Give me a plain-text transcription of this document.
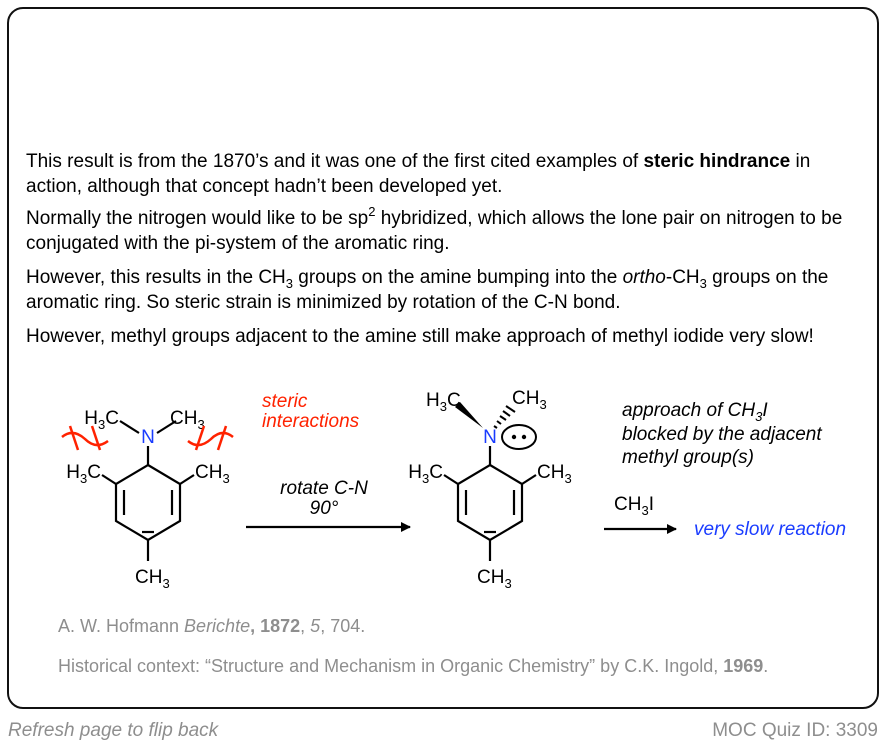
This result is from the 1870’s and it was one of the first cited examples of steric hindrance in action, although that concept hadn’t been developed yet.

Normally the nitrogen would like to be $sp^2$ hybridized, which allows the lone pair on nitrogen to be conjugated with the pi-system of the aromatic ring.

However, this results in the $CH_3$ groups on the amine bumping into the ortho-$CH_3$ groups on the aromatic ring. So steric strain is minimized by rotation of the C-N bond.

However, methyl groups adjacent to the amine still make approach of methyl iodide very slow!

N
$H_3C$	$CH_3$
$H_3C$	$CH_3$
$CH_3$
steric
interactions
rotate C-N
90°
N
$H_3C$	$CH_3$
$H_3C$	$CH_3$
$CH_3$
approach of $CH_3I$
blocked by the adjacent
methyl group(s)
$CH_3I$
very slow reaction

A. W. Hofmann Berichte, 1872, 5, 704.

Historical context: “Structure and Mechanism in Organic Chemistry” by C.K. Ingold, 1969.

Refresh page to flip back	MOC Quiz ID: 3309
